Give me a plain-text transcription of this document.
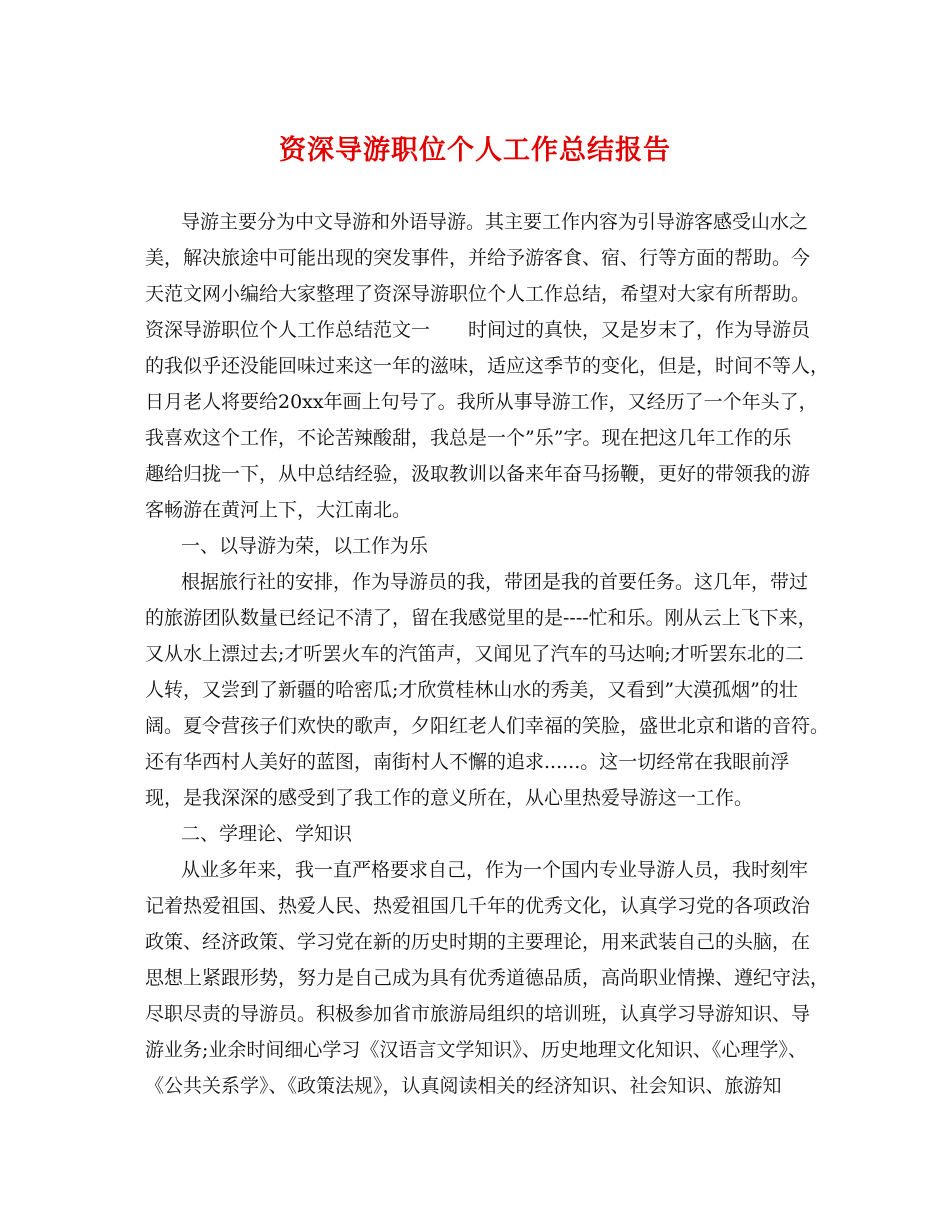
资深导游职位个人工作总结报告
导游主要分为中文导游和外语导游。其主要工作内容为引导游客感受山水之
美，解决旅途中可能出现的突发事件，并给予游客食、宿、行等方面的帮助。今
天范文网小编给大家整理了资深导游职位个人工作总结，希望对大家有所帮助。
资深导游职位个人工作总结范文一　　时间过的真快，又是岁末了，作为导游员
的我似乎还没能回味过来这一年的滋味，适应这季节的变化，但是，时间不等人，
日月老人将要给20xx年画上句号了。我所从事导游工作，又经历了一个年头了，
我喜欢这个工作，不论苦辣酸甜，我总是一个”乐”字。现在把这几年工作的乐
趣给归拢一下，从中总结经验，汲取教训以备来年奋马扬鞭，更好的带领我的游
客畅游在黄河上下，大江南北。
一、以导游为荣，以工作为乐
根据旅行社的安排，作为导游员的我，带团是我的首要任务。这几年，带过
的旅游团队数量已经记不清了，留在我感觉里的是----忙和乐。刚从云上飞下来，
又从水上漂过去;才听罢火车的汽笛声，又闻见了汽车的马达响;才听罢东北的二
人转，又尝到了新疆的哈密瓜;才欣赏桂林山水的秀美，又看到”大漠孤烟”的壮
阔。夏令营孩子们欢快的歌声，夕阳红老人们幸福的笑脸，盛世北京和谐的音符。
还有华西村人美好的蓝图，南街村人不懈的追求......。这一切经常在我眼前浮
现，是我深深的感受到了我工作的意义所在，从心里热爱导游这一工作。
二、学理论、学知识
从业多年来，我一直严格要求自己，作为一个国内专业导游人员，我时刻牢
记着热爱祖国、热爱人民、热爱祖国几千年的优秀文化，认真学习党的各项政治
政策、经济政策、学习党在新的历史时期的主要理论，用来武装自己的头脑，在
思想上紧跟形势，努力是自己成为具有优秀道德品质，高尚职业情操、遵纪守法，
尽职尽责的导游员。积极参加省市旅游局组织的培训班，认真学习导游知识、导
游业务;业余时间细心学习《汉语言文学知识》、历史地理文化知识、《心理学》、
《公共关系学》、《政策法规》，认真阅读相关的经济知识、社会知识、旅游知
